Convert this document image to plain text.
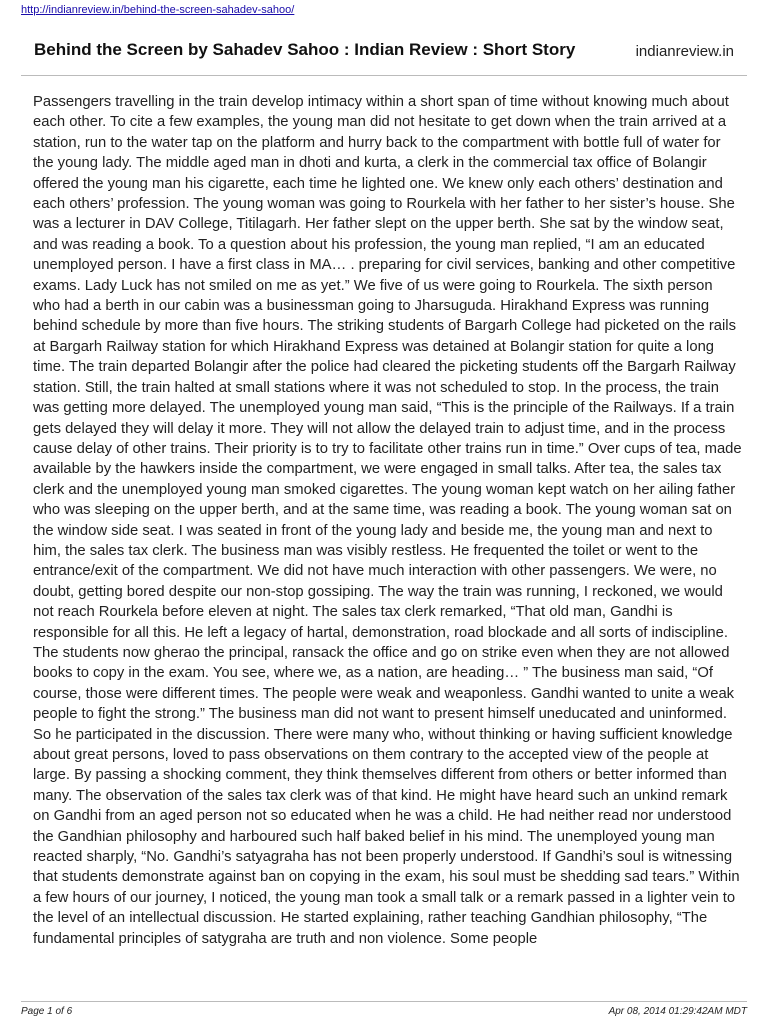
http://indianreview.in/behind-the-screen-sahadev-sahoo/
Behind the Screen by Sahadev Sahoo : Indian Review : Short Story	indianreview.in

Passengers travelling in the train develop intimacy within a short span of time without knowing much about each other. To cite a few examples, the young man did not hesitate to get down when the train arrived at a station, run to the water tap on the platform and hurry back to the compartment with bottle full of water for the young lady. The middle aged man in dhoti and kurta, a clerk in the commercial tax office of Bolangir offered the young man his cigarette, each time he lighted one. We knew only each others’ destination and each others’ profession. The young woman was going to Rourkela with her father to her sister’s house. She was a lecturer in DAV College, Titilagarh. Her father slept on the upper berth. She sat by the window seat, and was reading a book. To a question about his profession, the young man replied, “I am an educated unemployed person. I have a first class in MA… . preparing for civil services, banking and other competitive exams. Lady Luck has not smiled on me as yet.” We five of us were going to Rourkela. The sixth person who had a berth in our cabin was a businessman going to Jharsuguda. Hirakhand Express was running behind schedule by more than five hours. The striking students of Bargarh College had picketed on the rails at Bargarh Railway station for which Hirakhand Express was detained at Bolangir station for quite a long time. The train departed Bolangir after the police had cleared the picketing students off the Bargarh Railway station. Still, the train halted at small stations where it was not scheduled to stop. In the process, the train was getting more delayed. The unemployed young man said, “This is the principle of the Railways. If a train gets delayed they will delay it more. They will not allow the delayed train to adjust time, and in the process cause delay of other trains. Their priority is to try to facilitate other trains run in time.” Over cups of tea, made available by the hawkers inside the compartment, we were engaged in small talks. After tea, the sales tax clerk and the unemployed young man smoked cigarettes. The young woman kept watch on her ailing father who was sleeping on the upper berth, and at the same time, was reading a book. The young woman sat on the window side seat. I was seated in front of the young lady and beside me, the young man and next to him, the sales tax clerk. The business man was visibly restless. He frequented the toilet or went to the entrance/exit of the compartment. We did not have much interaction with other passengers. We were, no doubt, getting bored despite our non-stop gossiping. The way the train was running, I reckoned, we would not reach Rourkela before eleven at night. The sales tax clerk remarked, “That old man, Gandhi is responsible for all this. He left a legacy of hartal, demonstration, road blockade and all sorts of indiscipline. The students now gherao the principal, ransack the office and go on strike even when they are not allowed books to copy in the exam. You see, where we, as a nation, are heading… ” The business man said, “Of course, those were different times. The people were weak and weaponless. Gandhi wanted to unite a weak people to fight the strong.” The business man did not want to present himself uneducated and uninformed. So he participated in the discussion. There were many who, without thinking or having sufficient knowledge about great persons, loved to pass observations on them contrary to the accepted view of the people at large. By passing a shocking comment, they think themselves different from others or better informed than many. The observation of the sales tax clerk was of that kind. He might have heard such an unkind remark on Gandhi from an aged person not so educated when he was a child. He had neither read nor understood the Gandhian philosophy and harboured such half baked belief in his mind. The unemployed young man reacted sharply, “No. Gandhi’s satyagraha has not been properly understood. If Gandhi’s soul is witnessing that students demonstrate against ban on copying in the exam, his soul must be shedding sad tears.” Within a few hours of our journey, I noticed, the young man took a small talk or a remark passed in a lighter vein to the level of an intellectual discussion. He started explaining, rather teaching Gandhian philosophy, “The fundamental principles of satygraha are truth and non violence. Some people

Page 1 of 6	Apr 08, 2014 01:29:42AM MDT
